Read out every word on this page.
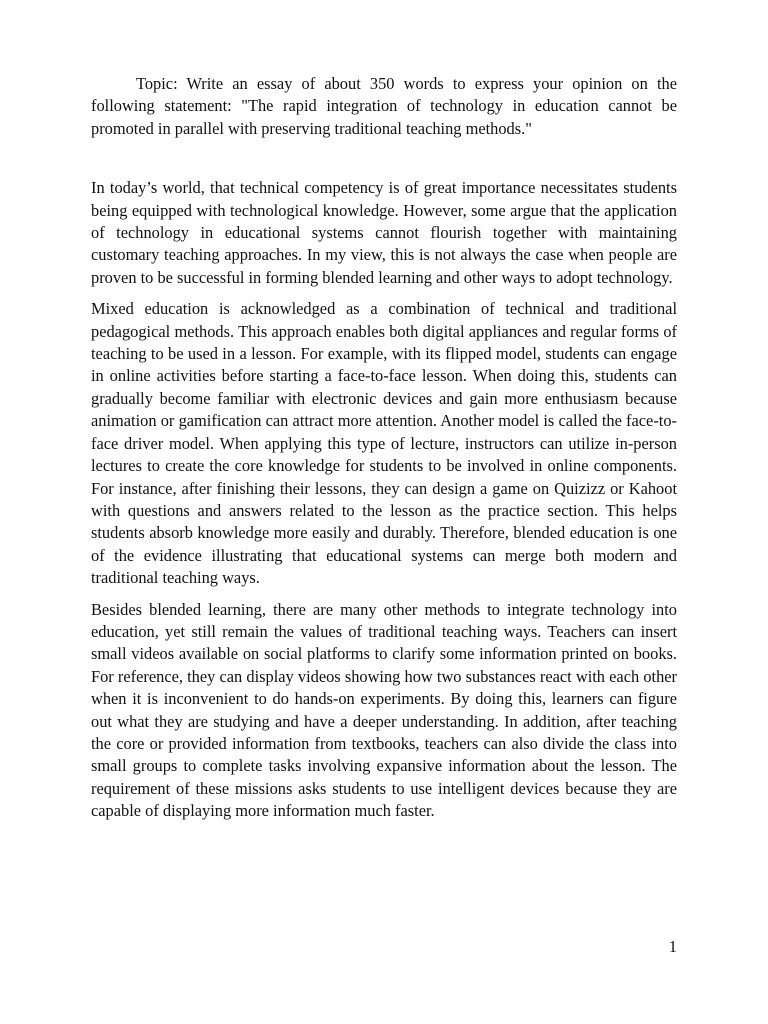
Topic: Write an essay of about 350 words to express your opinion on the following statement: "The rapid integration of technology in education cannot be promoted in parallel with preserving traditional teaching methods."

In today’s world, that technical competency is of great importance necessitates students being equipped with technological knowledge. However, some argue that the application of technology in educational systems cannot flourish together with maintaining customary teaching approaches. In my view, this is not always the case when people are proven to be successful in forming blended learning and other ways to adopt technology.

Mixed education is acknowledged as a combination of technical and traditional pedagogical methods. This approach enables both digital appliances and regular forms of teaching to be used in a lesson. For example, with its flipped model, students can engage in online activities before starting a face-to-face lesson. When doing this, students can gradually become familiar with electronic devices and gain more enthusiasm because animation or gamification can attract more attention. Another model is called the face-to-face driver model. When applying this type of lecture, instructors can utilize in-person lectures to create the core knowledge for students to be involved in online components. For instance, after finishing their lessons, they can design a game on Quizizz or Kahoot with questions and answers related to the lesson as the practice section. This helps students absorb knowledge more easily and durably. Therefore, blended education is one of the evidence illustrating that educational systems can merge both modern and traditional teaching ways.

Besides blended learning, there are many other methods to integrate technology into education, yet still remain the values of traditional teaching ways. Teachers can insert small videos available on social platforms to clarify some information printed on books. For reference, they can display videos showing how two substances react with each other when it is inconvenient to do hands-on experiments. By doing this, learners can figure out what they are studying and have a deeper understanding. In addition, after teaching the core or provided information from textbooks, teachers can also divide the class into small groups to complete tasks involving expansive information about the lesson. The requirement of these missions asks students to use intelligent devices because they are capable of displaying more information much faster.

1
